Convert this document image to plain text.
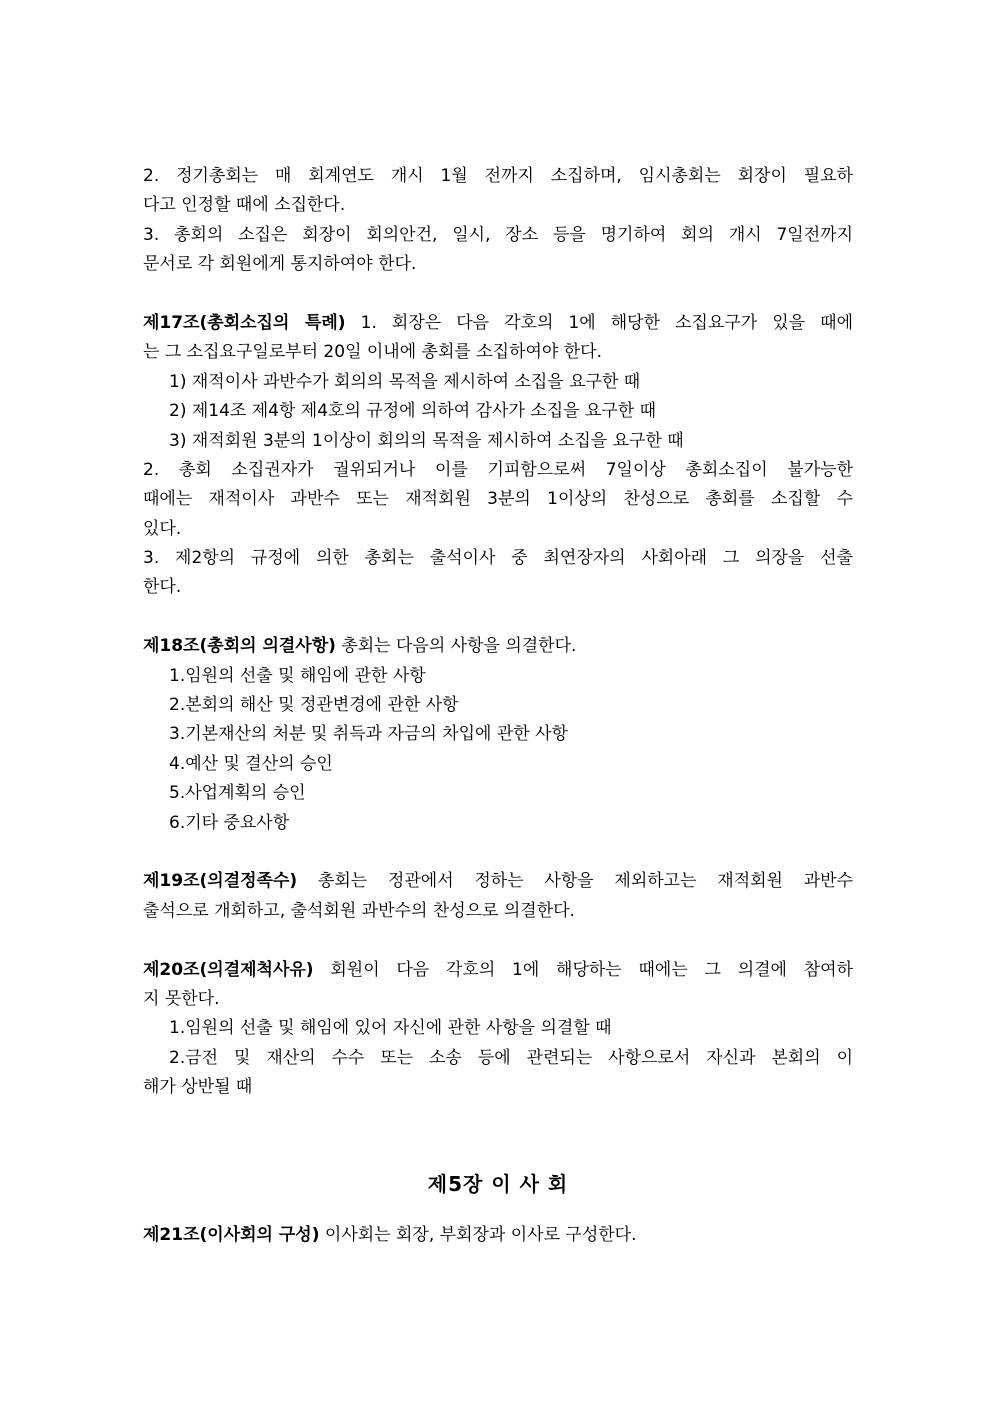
2. 정기총회는 매 회계연도 개시 1월 전까지 소집하며, 임시총회는 회장이 필요하
다고 인정할 때에 소집한다.
3. 총회의 소집은 회장이 회의안건, 일시, 장소 등을 명기하여 회의 개시 7일전까지
문서로 각 회원에게 통지하여야 한다.
제17조(총회소집의 특례) 1. 회장은 다음 각호의 1에 해당한 소집요구가 있을 때에
는 그 소집요구일로부터 20일 이내에 총회를 소집하여야 한다.
1) 재적이사 과반수가 회의의 목적을 제시하여 소집을 요구한 때
2) 제14조 제4항 제4호의 규정에 의하여 감사가 소집을 요구한 때
3) 재적회원 3분의 1이상이 회의의 목적을 제시하여 소집을 요구한 때
2. 총회 소집권자가 궐위되거나 이를 기피함으로써 7일이상 총회소집이 불가능한
때에는 재적이사 과반수 또는 재적회원 3분의 1이상의 찬성으로 총회를 소집할 수
있다.
3. 제2항의 규정에 의한 총회는 출석이사 중 최연장자의 사회아래 그 의장을 선출
한다.
제18조(총회의 의결사항) 총회는 다음의 사항을 의결한다.
1.임원의 선출 및 해임에 관한 사항
2.본회의 해산 및 정관변경에 관한 사항
3.기본재산의 처분 및 취득과 자금의 차입에 관한 사항
4.예산 및 결산의 승인
5.사업계획의 승인
6.기타 중요사항
제19조(의결정족수) 총회는 정관에서 정하는 사항을 제외하고는 재적회원 과반수
출석으로 개회하고, 출석회원 과반수의 찬성으로 의결한다.
제20조(의결제척사유) 회원이 다음 각호의 1에 해당하는 때에는 그 의결에 참여하
지 못한다.
1.임원의 선출 및 해임에 있어 자신에 관한 사항을 의결할 때
2.금전 및 재산의 수수 또는 소송 등에 관련되는 사항으로서 자신과 본회의 이
해가 상반될 때
제5장 이 사 회
제21조(이사회의 구성) 이사회는 회장, 부회장과 이사로 구성한다.
